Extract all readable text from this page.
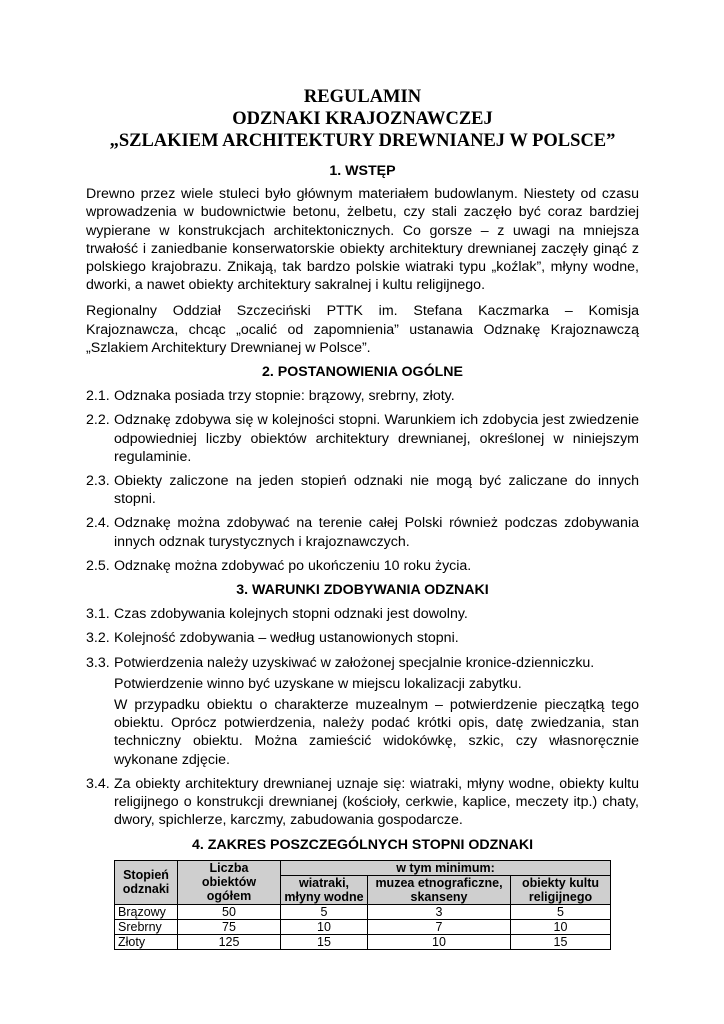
REGULAMIN
ODZNAKI KRAJOZNAWCZEJ
„SZLAKIEM ARCHITEKTURY DREWNIANEJ W POLSCE”
1. WSTĘP

Drewno przez wiele stuleci było głównym materiałem budowlanym. Niestety od czasu wprowadzenia w budownictwie betonu, żelbetu, czy stali zaczęło być coraz bardziej wypierane w konstrukcjach architektonicznych. Co gorsze – z uwagi na mniejsza trwałość i zaniedbanie konserwatorskie obiekty architektury drewnianej zaczęły ginąć z polskiego krajobrazu. Znikają, tak bardzo polskie wiatraki typu „koźlak”, młyny wodne, dworki, a nawet obiekty architektury sakralnej i kultu religijnego.

Regionalny Oddział Szczeciński PTTK im. Stefana Kaczmarka – Komisja Krajoznawcza, chcąc „ocalić od zapomnienia” ustanawia Odznakę Krajoznawczą „Szlakiem Architektury Drewnianej w Polsce”.

2. POSTANOWIENIA OGÓLNE
2.1. Odznaka posiada trzy stopnie: brązowy, srebrny, złoty.
2.2. Odznakę zdobywa się w kolejności stopni. Warunkiem ich zdobycia jest zwiedzenie odpowiedniej liczby obiektów architektury drewnianej, określonej w niniejszym regulaminie.
2.3. Obiekty zaliczone na jeden stopień odznaki nie mogą być zaliczane do innych stopni.
2.4. Odznakę można zdobywać na terenie całej Polski również podczas zdobywania innych odznak turystycznych i krajoznawczych.
2.5. Odznakę można zdobywać po ukończeniu 10 roku życia.
3. WARUNKI ZDOBYWANIA ODZNAKI
3.1. Czas zdobywania kolejnych stopni odznaki jest dowolny.
3.2. Kolejność zdobywania – według ustanowionych stopni.
3.3. Potwierdzenia należy uzyskiwać w założonej specjalnie kronice-dzienniczku.
Potwierdzenie winno być uzyskane w miejscu lokalizacji zabytku.
W przypadku obiektu o charakterze muzealnym – potwierdzenie pieczątką tego obiektu. Oprócz potwierdzenia, należy podać krótki opis, datę zwiedzania, stan techniczny obiektu. Można zamieścić widokówkę, szkic, czy własnoręcznie wykonane zdjęcie.
3.4. Za obiekty architektury drewnianej uznaje się: wiatraki, młyny wodne, obiekty kultu religijnego o konstrukcji drewnianej (kościoły, cerkwie, kaplice, meczety itp.) chaty, dwory, spichlerze, karczmy, zabudowania gospodarcze.
4. ZAKRES POSZCZEGÓLNYCH STOPNI ODZNAKI
Stopień odznaki	Liczba obiektów ogółem	w tym minimum:		
		wiatraki, młyny wodne	muzea etnograficzne, skanseny	obiekty kultu religijnego
Brązowy	50	5	3	5
Srebrny	75	10	7	10
Złoty	125	15	10	15
